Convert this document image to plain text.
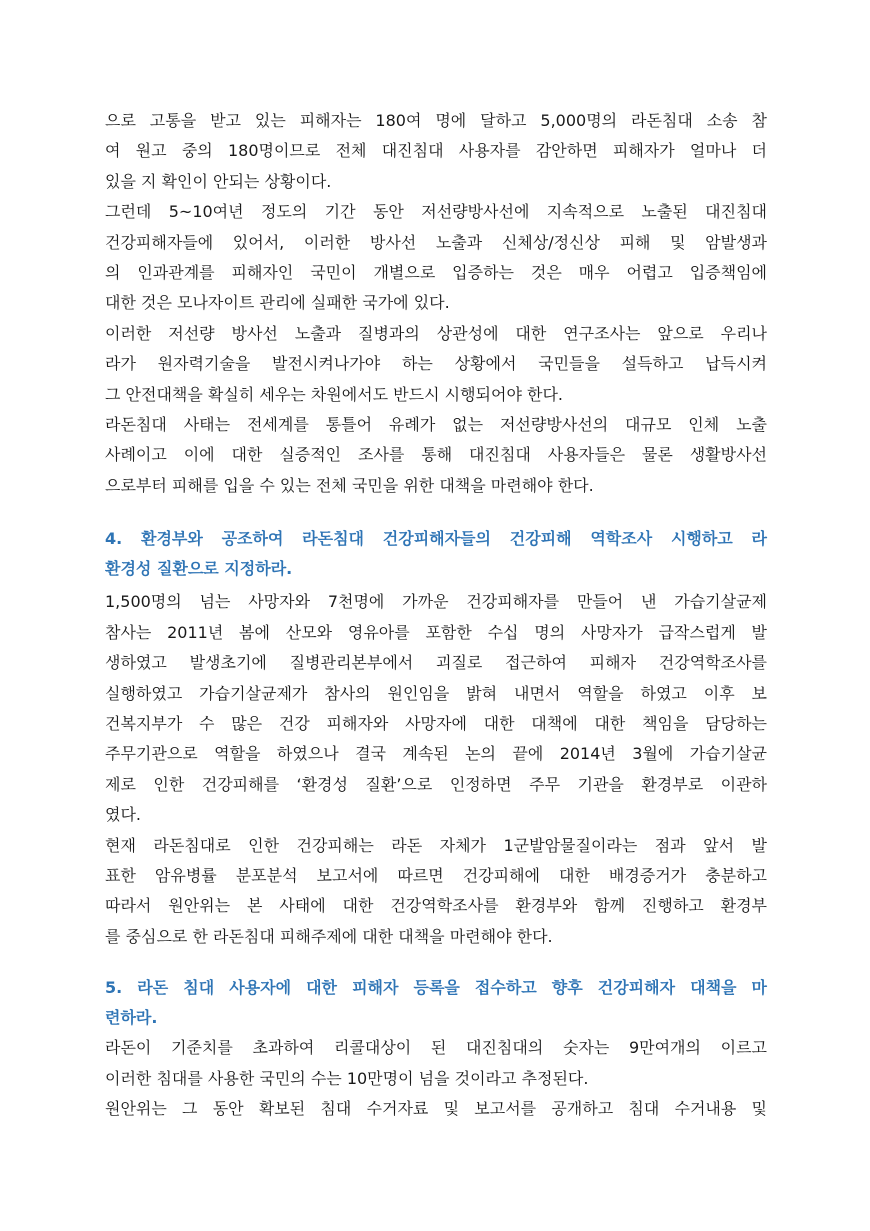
으로 고통을 받고 있는 피해자는 180여 명에 달하고 5,000명의 라돈침대 소송 참

여 원고 중의 180명이므로 전체 대진침대 사용자를 감안하면 피해자가 얼마나 더

있을 지 확인이 안되는 상황이다.

그런데 5~10여년 정도의 기간 동안 저선량방사선에 지속적으로 노출된 대진침대

건강피해자들에 있어서, 이러한 방사선 노출과 신체상/정신상 피해 및 암발생과

의 인과관계를 피해자인 국민이 개별으로 입증하는 것은 매우 어렵고 입증책임에

대한 것은 모나자이트 관리에 실패한 국가에 있다.

이러한 저선량 방사선 노출과 질병과의 상관성에 대한 연구조사는 앞으로 우리나

라가 원자력기술을 발전시켜나가야 하는 상황에서 국민들을 설득하고 납득시켜

그 안전대책을 확실히 세우는 차원에서도 반드시 시행되어야 한다.

라돈침대 사태는 전세계를 통틀어 유례가 없는 저선량방사선의 대규모 인체 노출

사례이고 이에 대한 실증적인 조사를 통해 대진침대 사용자들은 물론 생활방사선

으로부터 피해를 입을 수 있는 전체 국민을 위한 대책을 마련해야 한다.

4. 환경부와 공조하여 라돈침대 건강피해자들의 건강피해 역학조사 시행하고 라
환경성 질환으로 지정하라.

1,500명의 넘는 사망자와 7천명에 가까운 건강피해자를 만들어 낸 가습기살균제

참사는 2011년 봄에 산모와 영유아를 포함한 수십 명의 사망자가 급작스럽게 발

생하였고 발생초기에 질병관리본부에서 괴질로 접근하여 피해자 건강역학조사를

실행하였고 가습기살균제가 참사의 원인임을 밝혀 내면서 역할을 하였고 이후 보

건복지부가 수 많은 건강 피해자와 사망자에 대한 대책에 대한 책임을 담당하는

주무기관으로 역할을 하였으나 결국 계속된 논의 끝에 2014년 3월에 가습기살균

제로 인한 건강피해를 ‘환경성 질환’으로 인정하면 주무 기관을 환경부로 이관하

였다.

현재 라돈침대로 인한 건강피해는 라돈 자체가 1군발암물질이라는 점과 앞서 발

표한 암유병률 분포분석 보고서에 따르면 건강피해에 대한 배경증거가 충분하고

따라서 원안위는 본 사태에 대한 건강역학조사를 환경부와 함께 진행하고 환경부

를 중심으로 한 라돈침대 피해주제에 대한 대책을 마련해야 한다.

5. 라돈 침대 사용자에 대한 피해자 등록을 접수하고 향후 건강피해자 대책을 마
련하라.

라돈이 기준치를 초과하여 리콜대상이 된 대진침대의 숫자는 9만여개의 이르고

이러한 침대를 사용한 국민의 수는 10만명이 넘을 것이라고 추정된다.

원안위는 그 동안 확보된 침대 수거자료 및 보고서를 공개하고 침대 수거내용 및
